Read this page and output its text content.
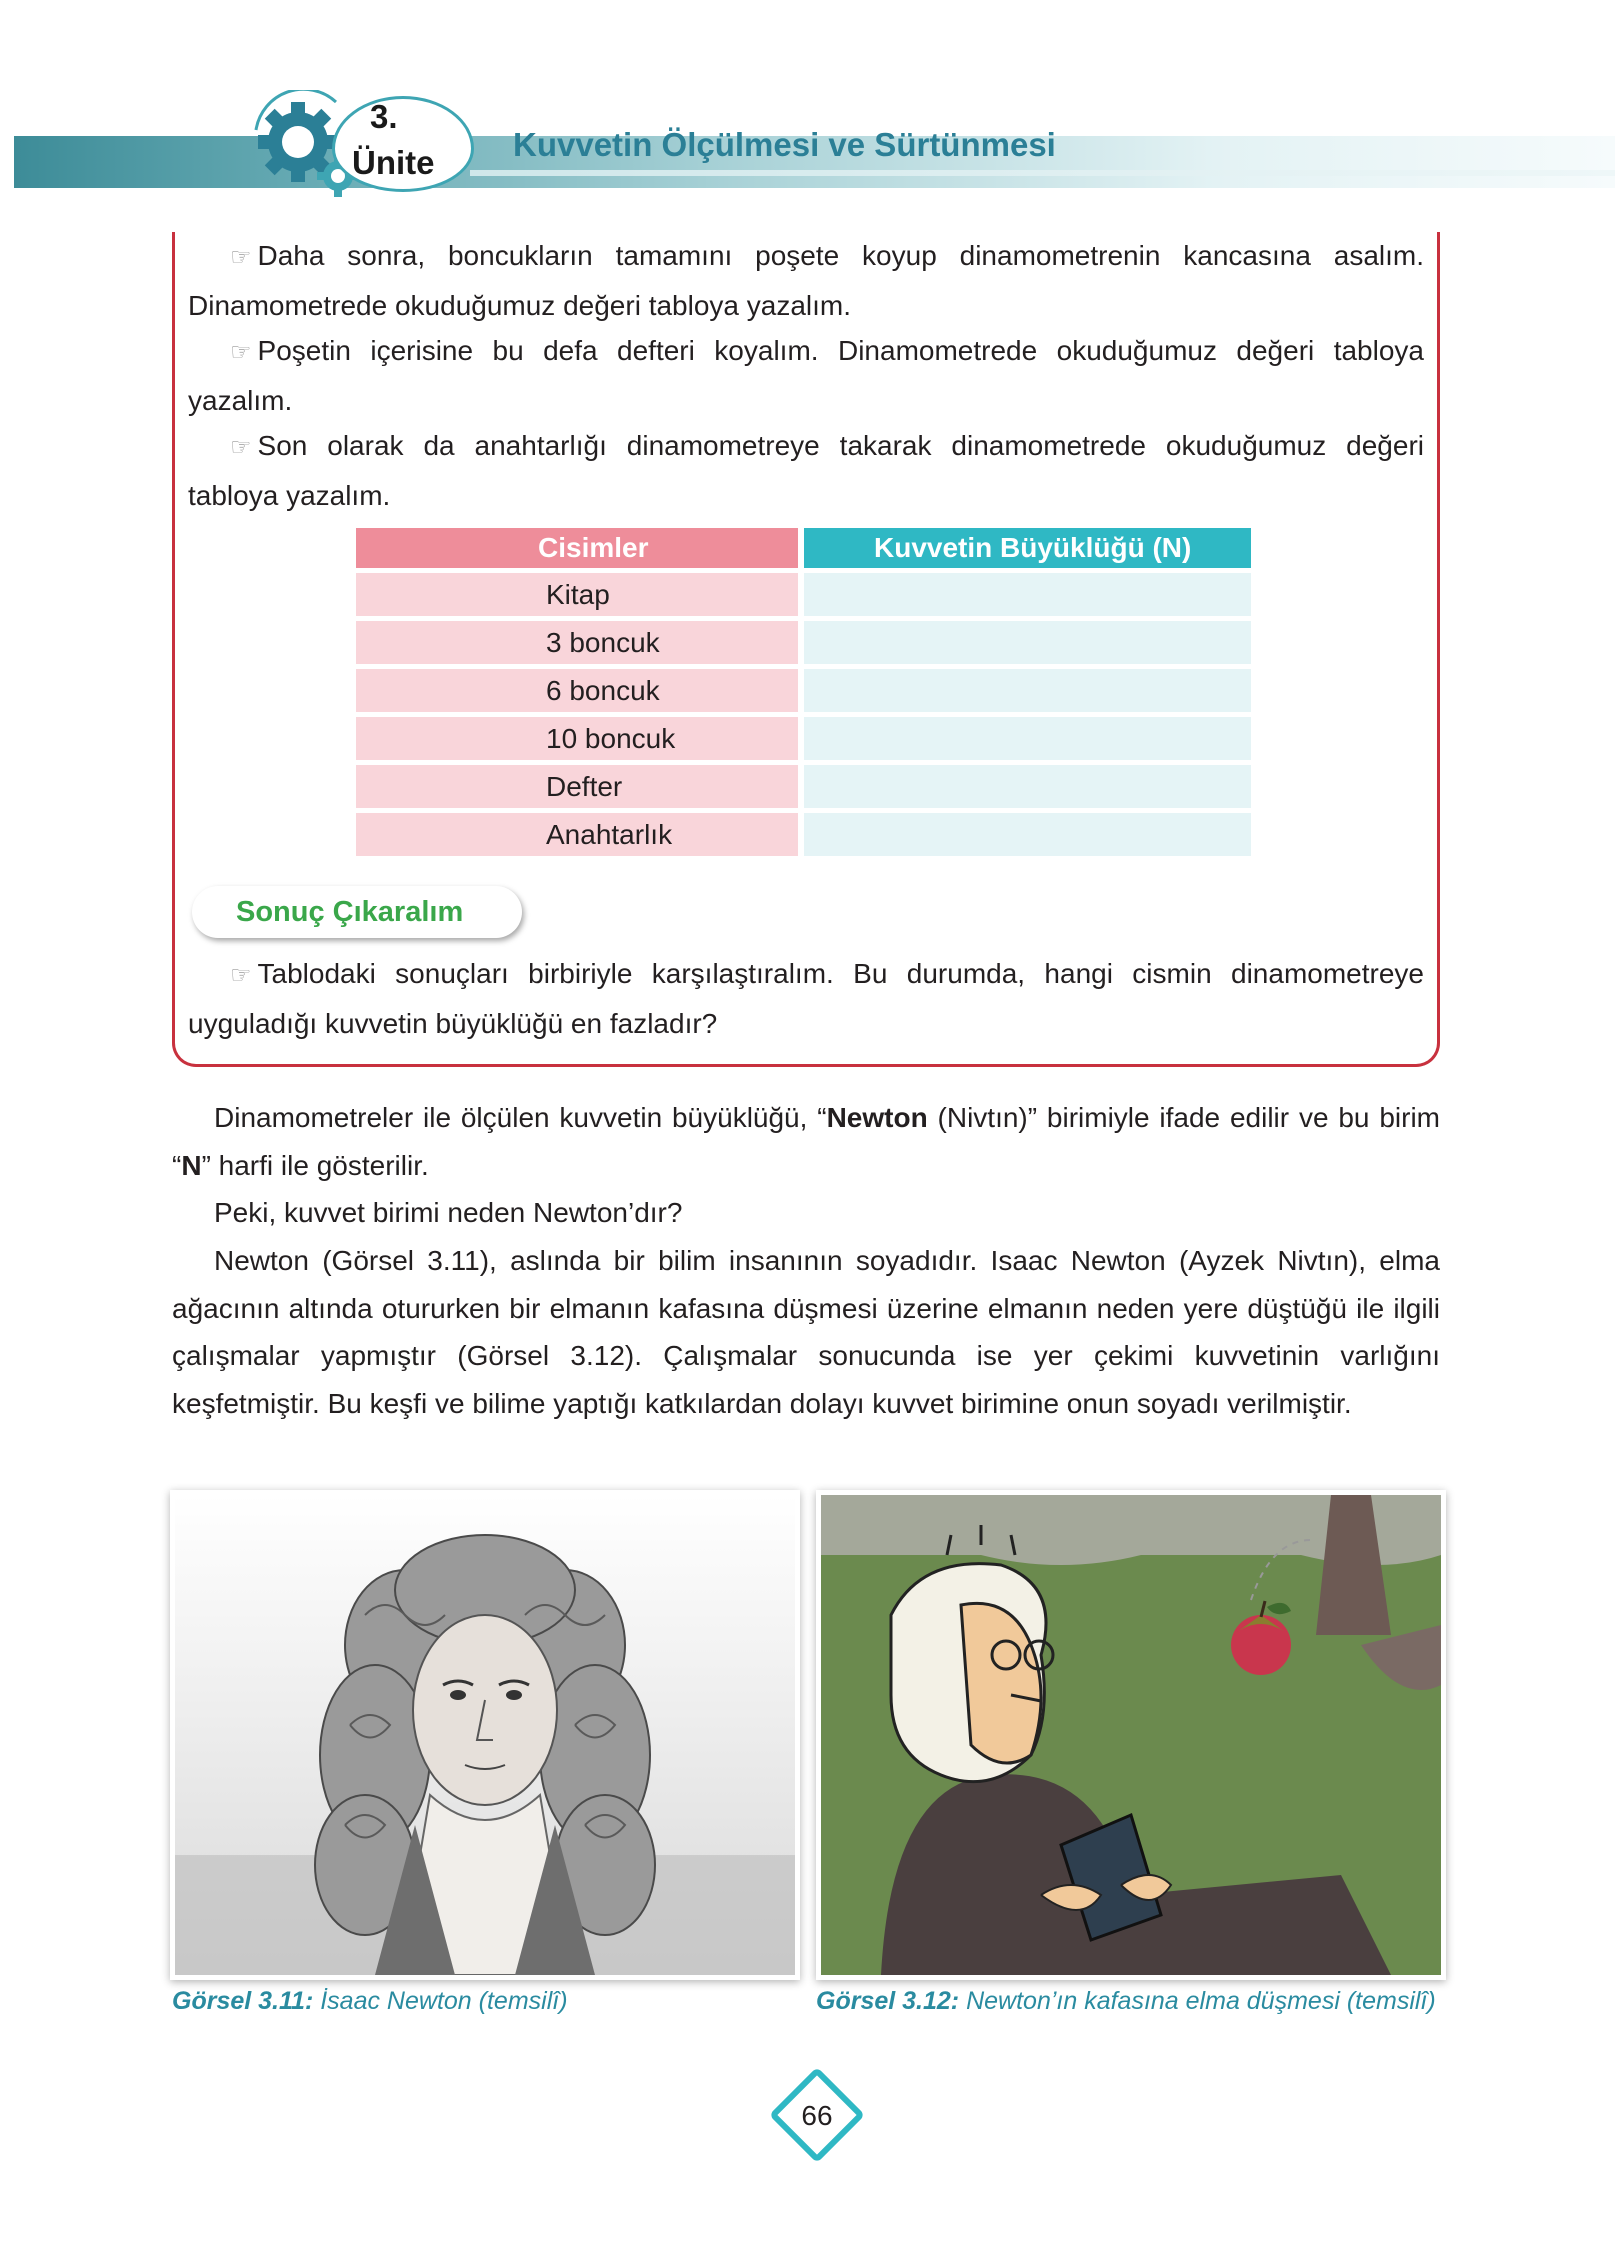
3.
Ünite Kuvvetin Ölçülmesi ve Sürtünmesi
☞ Daha sonra, boncukların tamamını poşete koyup dinamometrenin kancasına asalım. Dinamometrede okuduğumuz değeri tabloya yazalım.
☞ Poşetin içerisine bu defa defteri koyalım. Dinamometrede okuduğumuz değeri tabloya yazalım.
☞ Son olarak da anahtarlığı dinamometreye takarak dinamometrede okuduğumuz değeri tabloya yazalım.
Cisimler	Kuvvetin Büyüklüğü (N)
Kitap	
3 boncuk	
6 boncuk	
10 boncuk	
Defter	
Anahtarlık	
Sonuç Çıkaralım
☞ Tablodaki sonuçları birbiriyle karşılaştıralım. Bu durumda, hangi cismin dinamometreye uyguladığı kuvvetin büyüklüğü en fazladır?
Dinamometreler ile ölçülen kuvvetin büyüklüğü, “Newton (Nivtın)” birimiyle ifade edilir ve bu birim “N” harfi ile gösterilir.
Peki, kuvvet birimi neden Newton’dır?
Newton (Görsel 3.11), aslında bir bilim insanının soyadıdır. Isaac Newton (Ayzek Nivtın), elma ağacının altında otururken bir elmanın kafasına düşmesi üzerine elmanın neden yere düştüğü ile ilgili çalışmalar yapmıştır (Görsel 3.12). Çalışmalar sonucunda ise yer çekimi kuvvetinin varlığını keşfetmiştir. Bu keşfi ve bilime yaptığı katkılardan dolayı kuvvet birimine onun soyadı verilmiştir.
Görsel 3.11: İsaac Newton (temsilî)	Görsel 3.12: Newton’ın kafasına elma düşmesi (temsilî)
66
